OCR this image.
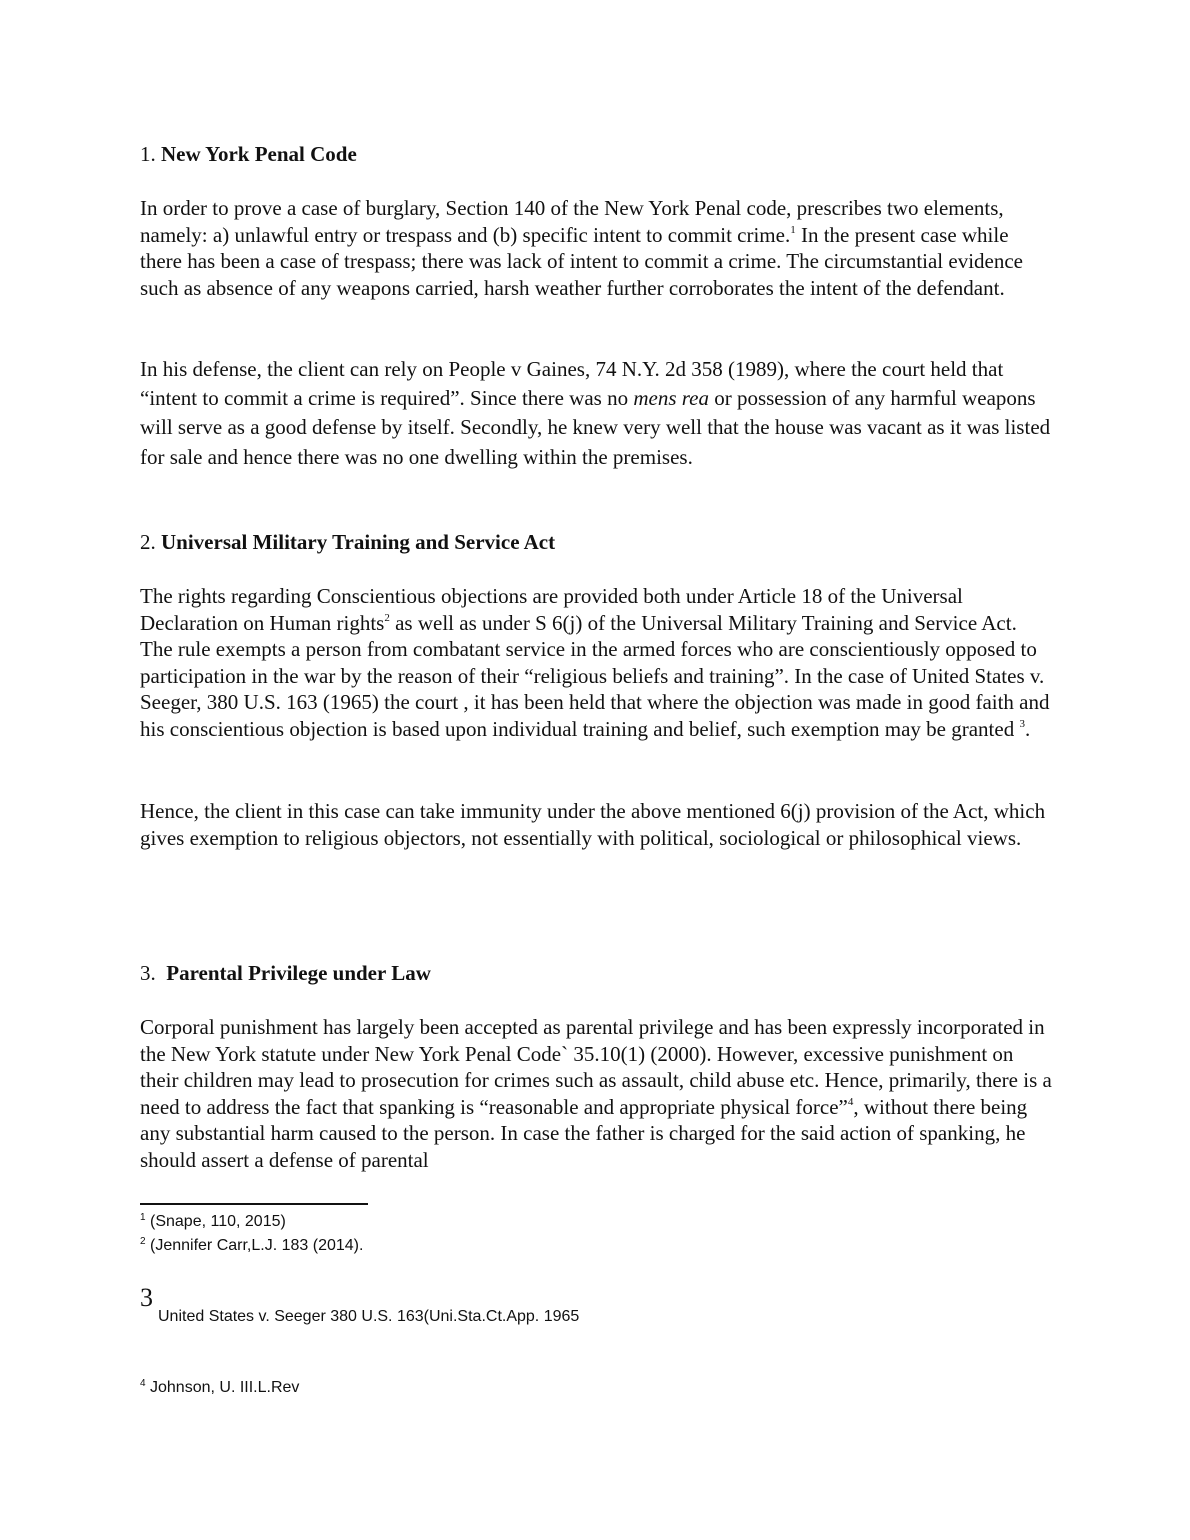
1. New York Penal Code

In order to prove a case of burglary, Section 140 of the New York Penal code, prescribes two elements, namely: a) unlawful entry or trespass and (b) specific intent to commit crime.$^1$ In the present case while there has been a case of trespass; there was lack of intent to commit a crime. The circumstantial evidence such as absence of any weapons carried, harsh weather further corroborates the intent of the defendant.

In his defense, the client can rely on People v Gaines, 74 N.Y. 2d 358 (1989), where the court held that “intent to commit a crime is required”. Since there was no mens rea or possession of any harmful weapons will serve as a good defense by itself. Secondly, he knew very well that the house was vacant as it was listed for sale and hence there was no one dwelling within the premises.

2. Universal Military Training and Service Act

The rights regarding Conscientious objections are provided both under Article 18 of the Universal Declaration on Human rights$^2$ as well as under S 6(j) of the Universal Military Training and Service Act. The rule exempts a person from combatant service in the armed forces who are conscientiously opposed to participation in the war by the reason of their “religious beliefs and training”. In the case of United States v. Seeger, 380 U.S. 163 (1965) the court , it has been held that where the objection was made in good faith and his conscientious objection is based upon individual training and belief, such exemption may be granted $^3$.

Hence, the client in this case can take immunity under the above mentioned 6(j) provision of the Act, which gives exemption to religious objectors, not essentially with political, sociological or philosophical views.

3.  Parental Privilege under Law

Corporal punishment has largely been accepted as parental privilege and has been expressly incorporated in the New York statute under New York Penal Code` 35.10(1) (2000). However, excessive punishment on their children may lead to prosecution for crimes such as assault, child abuse etc. Hence, primarily, there is a need to address the fact that spanking is “reasonable and appropriate physical force”$^4$, without there being any substantial harm caused to the person. In case the father is charged for the said action of spanking, he should assert a defense of parental

$^1$ (Snape, 110, 2015)
$^2$ (Jennifer Carr,L.J. 183 (2014).
3
United States v. Seeger 380 U.S. 163(Uni.Sta.Ct.App. 1965
$^4$ Johnson, U. III.L.Rev
